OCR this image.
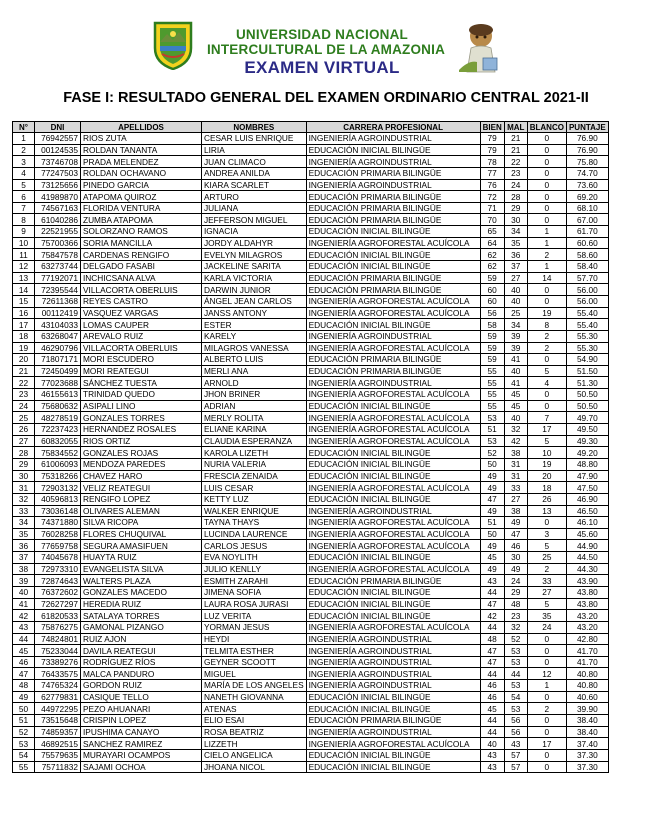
UNIVERSIDAD NACIONAL
INTERCULTURAL DE LA AMAZONIA
EXAMEN VIRTUAL
FASE I: RESULTADO GENERAL DEL EXAMEN ORDINARIO CENTRAL 2021-II
N°	DNI	APELLIDOS	NOMBRES	CARRERA PROFESIONAL	BIEN	MAL	BLANCO	PUNTAJE
1	76942557	RIOS ZUTA	CESAR LUIS ENRIQUE	INGENIERÍA AGROINDUSTRIAL	79	21	0	76.90
2	00124535	ROLDAN TANANTA	LIRIA	EDUCACIÓN INICIAL BILINGÜE	79	21	0	76.90
3	73746708	PRADA MELENDEZ	JUAN CLIMACO	INGENIERÍA AGROINDUSTRIAL	78	22	0	75.80
4	77247503	ROLDAN OCHAVANO	ANDREA ANILDA	EDUCACIÓN PRIMARIA BILINGÜE	77	23	0	74.70
5	73125656	PINEDO GARCIA	KIARA SCARLET	INGENIERÍA AGROINDUSTRIAL	76	24	0	73.60
6	41989870	ATAPOMA QUIROZ	ARTURO	EDUCACIÓN PRIMARIA BILINGÜE	72	28	0	69.20
7	74567163	FLORIDA VENTURA	JULIANA	EDUCACIÓN PRIMARIA BILINGÜE	71	29	0	68.10
8	61040286	ZUMBA ATAPOMA	JEFFERSON MIGUEL	EDUCACIÓN PRIMARIA BILINGÜE	70	30	0	67.00
9	22521955	SOLORZANO RAMOS	IGNACIA	EDUCACIÓN INICIAL BILINGÜE	65	34	1	61.70
10	75700366	SORIA MANCILLA	JORDY ALDAHYR	INGENIERÍA AGROFORESTAL ACUÍCOLA	64	35	1	60.60
11	75847578	CARDENAS RENGIFO	EVELYN MILAGROS	EDUCACIÓN INICIAL BILINGÜE	62	36	2	58.60
12	63273744	DELGADO FASABI	JACKELINE SARITA	EDUCACIÓN INICIAL BILINGÜE	62	37	1	58.40
13	77192071	INCHICSANA ALVA	KARLA VICTORIA	EDUCACIÓN PRIMARIA BILINGÜE	59	27	14	57.70
14	72395544	VILLACORTA OBERLUIS	DARWIN JUNIOR	EDUCACIÓN PRIMARIA BILINGÜE	60	40	0	56.00
15	72611368	REYES CASTRO	ÁNGEL JEAN CARLOS	INGENIERÍA AGROFORESTAL ACUÍCOLA	60	40	0	56.00
16	00112419	VASQUEZ VARGAS	JANSS ANTONY	INGENIERÍA AGROFORESTAL ACUÍCOLA	56	25	19	55.40
17	43104033	LOMAS CAUPER	ESTER	EDUCACIÓN INICIAL BILINGÜE	58	34	8	55.40
18	63268047	AREVALO RUIZ	KARELY	INGENIERÍA AGROINDUSTRIAL	59	39	2	55.30
19	46290796	VILLACORTA OBERLUIS	MILAGROS VANESSA	INGENIERÍA AGROFORESTAL ACUÍCOLA	59	39	2	55.30
20	71807171	MORI ESCUDERO	ALBERTO LUIS	EDUCACIÓN PRIMARIA BILINGÜE	59	41	0	54.90
21	72450499	MORI REATEGUI	MERLI ANA	EDUCACIÓN PRIMARIA BILINGÜE	55	40	5	51.50
22	77023688	SÁNCHEZ TUESTA	ARNOLD	INGENIERÍA AGROINDUSTRIAL	55	41	4	51.30
23	46155613	TRINIDAD QUEDO	JHON BRINER	INGENIERÍA AGROFORESTAL ACUÍCOLA	55	45	0	50.50
24	75680632	ASIPALI LINO	ADRIAN	EDUCACIÓN INICIAL BILINGÜE	55	45	0	50.50
25	48278519	GONZALES TORRES	MERLY ROLITA	INGENIERÍA AGROFORESTAL ACUÍCOLA	53	40	7	49.70
26	72237423	HERNANDEZ ROSALES	ELIANE KARINA	INGENIERÍA AGROFORESTAL ACUÍCOLA	51	32	17	49.50
27	60832055	RIOS ORTIZ	CLAUDIA ESPERANZA	INGENIERÍA AGROFORESTAL ACUÍCOLA	53	42	5	49.30
28	75834552	GONZALES ROJAS	KAROLA LIZETH	EDUCACIÓN INICIAL BILINGÜE	52	38	10	49.20
29	61006093	MENDOZA PAREDES	NURIA VALERIA	EDUCACIÓN INICIAL BILINGÜE	50	31	19	48.80
30	75318266	CHAVEZ HARO	FRESCIA ZENAIDA	EDUCACIÓN INICIAL BILINGÜE	49	31	20	47.90
31	72903132	VELIZ REATEGUI	LUIS CESAR	INGENIERÍA AGROFORESTAL ACUÍCOLA	49	33	18	47.50
32	40596813	RENGIFO LOPEZ	KETTY LUZ	EDUCACIÓN INICIAL BILINGÜE	47	27	26	46.90
33	73036148	OLIVARES ALEMAN	WALKER ENRIQUE	INGENIERÍA AGROINDUSTRIAL	49	38	13	46.50
34	74371880	SILVA RICOPA	TAYNA THAYS	INGENIERÍA AGROFORESTAL ACUÍCOLA	51	49	0	46.10
35	76028258	FLORES CHUQUIVAL	LUCINDA LAURENCE	INGENIERÍA AGROFORESTAL ACUÍCOLA	50	47	3	45.60
36	77659758	SEGURA AMASIFUEN	CARLOS JESUS	INGENIERÍA AGROFORESTAL ACUÍCOLA	49	46	5	44.90
37	74045678	HUAYTA RUIZ	EVA NOYLITH	EDUCACIÓN INICIAL BILINGÜE	45	30	25	44.50
38	72973310	EVANGELISTA SILVA	JULIO KENLLY	INGENIERÍA AGROFORESTAL ACUÍCOLA	49	49	2	44.30
39	72874643	WALTERS PLAZA	ESMITH ZARAHI	EDUCACIÓN PRIMARIA BILINGÜE	43	24	33	43.90
40	76372602	GONZALES MACEDO	JIMENA SOFIA	EDUCACIÓN INICIAL BILINGÜE	44	29	27	43.80
41	72627297	HEREDIA RUIZ	LAURA ROSA JURASI	EDUCACIÓN INICIAL BILINGÜE	47	48	5	43.80
42	61820533	SATALAYA TORRES	LUZ VERITA	EDUCACIÓN INICIAL BILINGÜE	42	23	35	43.20
43	75876275	GAMONAL PIZANGO	YORMAN JESUS	INGENIERÍA AGROFORESTAL ACUÍCOLA	44	32	24	43.20
44	74824801	RUIZ AJON	HEYDI	INGENIERÍA AGROINDUSTRIAL	48	52	0	42.80
45	75233044	DAVILA REATEGUI	TELMITA ESTHER	INGENIERÍA AGROINDUSTRIAL	47	53	0	41.70
46	73389276	RODRÍGUEZ RÍOS	GEYNER SCOOTT	INGENIERÍA AGROINDUSTRIAL	47	53	0	41.70
47	76433575	MALCA PANDURO	MIGUEL	INGENIERÍA AGROINDUSTRIAL	44	44	12	40.80
48	74765324	GORDON RUIZ	MARÍA DE LOS ANGELES	INGENIERÍA AGROINDUSTRIAL	46	53	1	40.80
49	62779831	CASIQUE TELLO	NANETH GIOVANNA	EDUCACIÓN INICIAL BILINGÜE	46	54	0	40.60
50	44972295	PEZO AHUANARI	ATENAS	EDUCACIÓN INICIAL BILINGÜE	45	53	2	39.90
51	73515648	CRISPIN LOPEZ	ELIO ESAI	EDUCACIÓN PRIMARIA BILINGÜE	44	56	0	38.40
52	74859357	IPUSHIMA CANAYO	ROSA BEATRIZ	INGENIERÍA AGROINDUSTRIAL	44	56	0	38.40
53	46892515	SANCHEZ RAMIREZ	LIZZETH	INGENIERÍA AGROFORESTAL ACUÍCOLA	40	43	17	37.40
54	75579635	MURAYARI OCAMPOS	CIELO ANGELICA	EDUCACIÓN INICIAL BILINGÜE	43	57	0	37.30
55	75711832	SAJAMI OCHOA	JHOANA NICOL	EDUCACIÓN INICIAL BILINGÜE	43	57	0	37.30
